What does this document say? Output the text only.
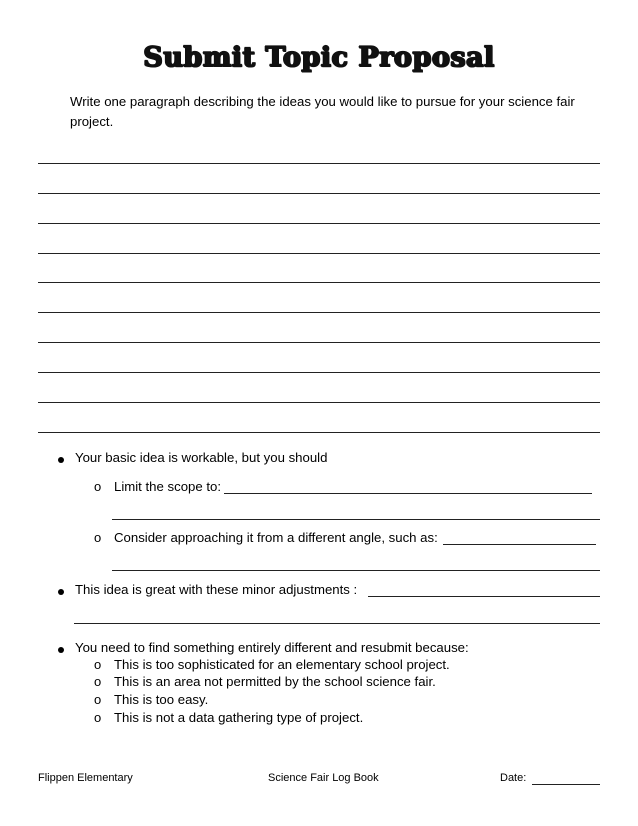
Submit Topic Proposal
Write one paragraph describing the ideas you would like to pursue for your science fair project.
Your basic idea is workable, but you should
o Limit the scope to:
o Consider approaching it from a different angle, such as:
This idea is great with these minor adjustments :
You need to find something entirely different and resubmit because:
o This is too sophisticated for an elementary school project.
o This is an area not permitted by the school science fair.
o This is too easy.
o This is not a data gathering type of project.
Flippen Elementary	Science Fair Log Book	Date:
